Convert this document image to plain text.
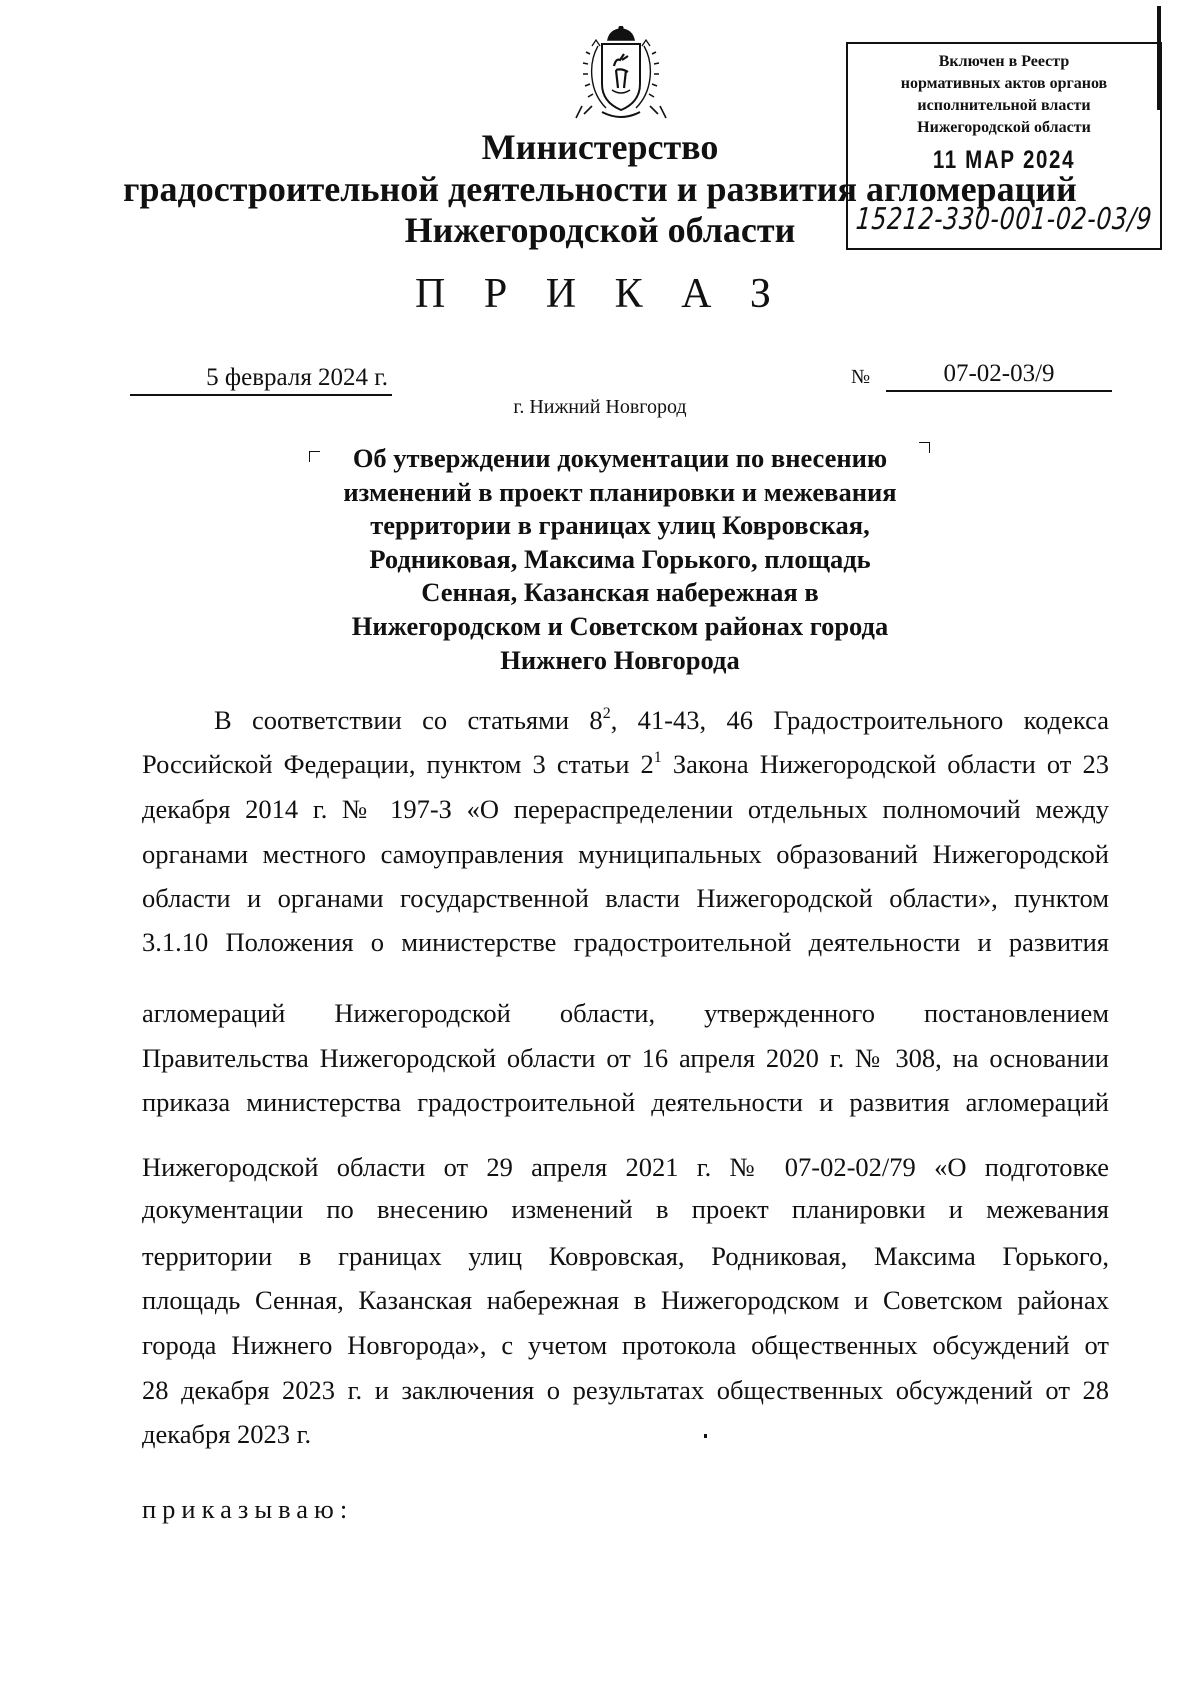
Включен в Реестр
нормативных актов органов
исполнительной власти
Нижегородской области
11 МАР 2024
15212-330-001-02-03/9
Министерство
градостроительной деятельности и развития агломераций
Нижегородской области
П Р И К А З
5 февраля 2024 г.	№	07-02-03/9
г. Нижний Новгород
Об утверждении документации по внесению
изменений в проект планировки и межевания
территории в границах улиц Ковровская,
Родниковая, Максима Горького, площадь
Сенная, Казанская набережная в
Нижегородском и Советском районах города
Нижнего Новгорода
В соответствии со статьями $8^2$, 41-43, 46 Градостроительного кодекса
Российской Федерации, пунктом 3 статьи $2^1$ Закона Нижегородской области от 23
декабря 2014 г. № 197-З «О перераспределении отдельных полномочий между
органами местного самоуправления муниципальных образований Нижегородской
области и органами государственной власти Нижегородской области», пунктом
3.1.10 Положения о министерстве градостроительной деятельности и развития
агломераций Нижегородской области, утвержденного постановлением
Правительства Нижегородской области от 16 апреля 2020 г. № 308, на основании
приказа министерства градостроительной деятельности и развития агломераций
Нижегородской области от 29 апреля 2021 г. № 07-02-02/79 «О подготовке
документации по внесению изменений в проект планировки и межевания
территории в границах улиц Ковровская, Родниковая, Максима Горького,
площадь Сенная, Казанская набережная в Нижегородском и Советском районах
города Нижнего Новгорода», с учетом протокола общественных обсуждений от
28 декабря 2023 г. и заключения о результатах общественных обсуждений от 28
декабря 2023 г.
приказываю:
